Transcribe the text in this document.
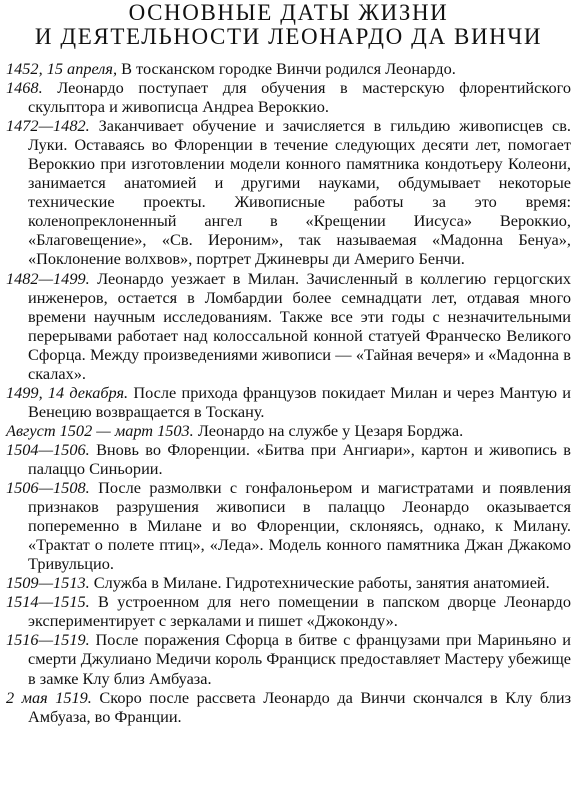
ОСНОВНЫЕ ДАТЫ ЖИЗНИ
И ДЕЯТЕЛЬНОСТИ ЛЕОНАРДО ДА ВИНЧИ

1452, 15 апреля, В тосканском городке Винчи родился Леонардо.

1468. Леонардо поступает для обучения в мастерскую флорентийского скульптора и живописца Андреа Вероккио.

1472—1482. Заканчивает обучение и зачисляется в гильдию живописцев св. Луки. Оставаясь во Флоренции в течение следующих десяти лет, помогает Вероккио при изготовлении модели конного памятника кондотьеру Колеони, занимается анатомией и другими науками, обдумывает некоторые технические проекты. Живописные работы за это время: коленопреклоненный ангел в «Крещении Иисуса» Вероккио, «Благовещение», «Св. Иероним», так называемая «Мадонна Бенуа», «Поклонение волхвов», портрет Джиневры ди Америго Бенчи.

1482—1499. Леонардо уезжает в Милан. Зачисленный в коллегию герцогских инженеров, остается в Ломбардии более семнадцати лет, отдавая много времени научным исследованиям. Также все эти годы с незначительными перерывами работает над колоссальной конной статуей Франческо Великого Сфорца. Между произведениями живописи — «Тайная вечеря» и «Мадонна в скалах».

1499, 14 декабря. После прихода французов покидает Милан и через Мантую и Венецию возвращается в Тоскану.

Август 1502 — март 1503. Леонардо на службе у Цезаря Борджа.

1504—1506. Вновь во Флоренции. «Битва при Ангиари», картон и живопись в палаццо Синьории.

1506—1508. После размолвки с гонфалоньером и магистратами и появления признаков разрушения живописи в палаццо Леонардо оказывается попеременно в Милане и во Флоренции, склоняясь, однако, к Милану. «Трактат о полете птиц», «Леда». Модель конного памятника Джан Джакомо Тривульцио.

1509—1513. Служба в Милане. Гидротехнические работы, занятия анатомией.

1514—1515. В устроенном для него помещении в папском дворце Леонардо экспериментирует с зеркалами и пишет «Джоконду».

1516—1519. После поражения Сфорца в битве с французами при Мариньяно и смерти Джулиано Медичи король Франциск предоставляет Мастеру убежище в замке Клу близ Амбуаза.

2 мая 1519. Скоро после рассвета Леонардо да Винчи скончался в Клу близ Амбуаза, во Франции.
